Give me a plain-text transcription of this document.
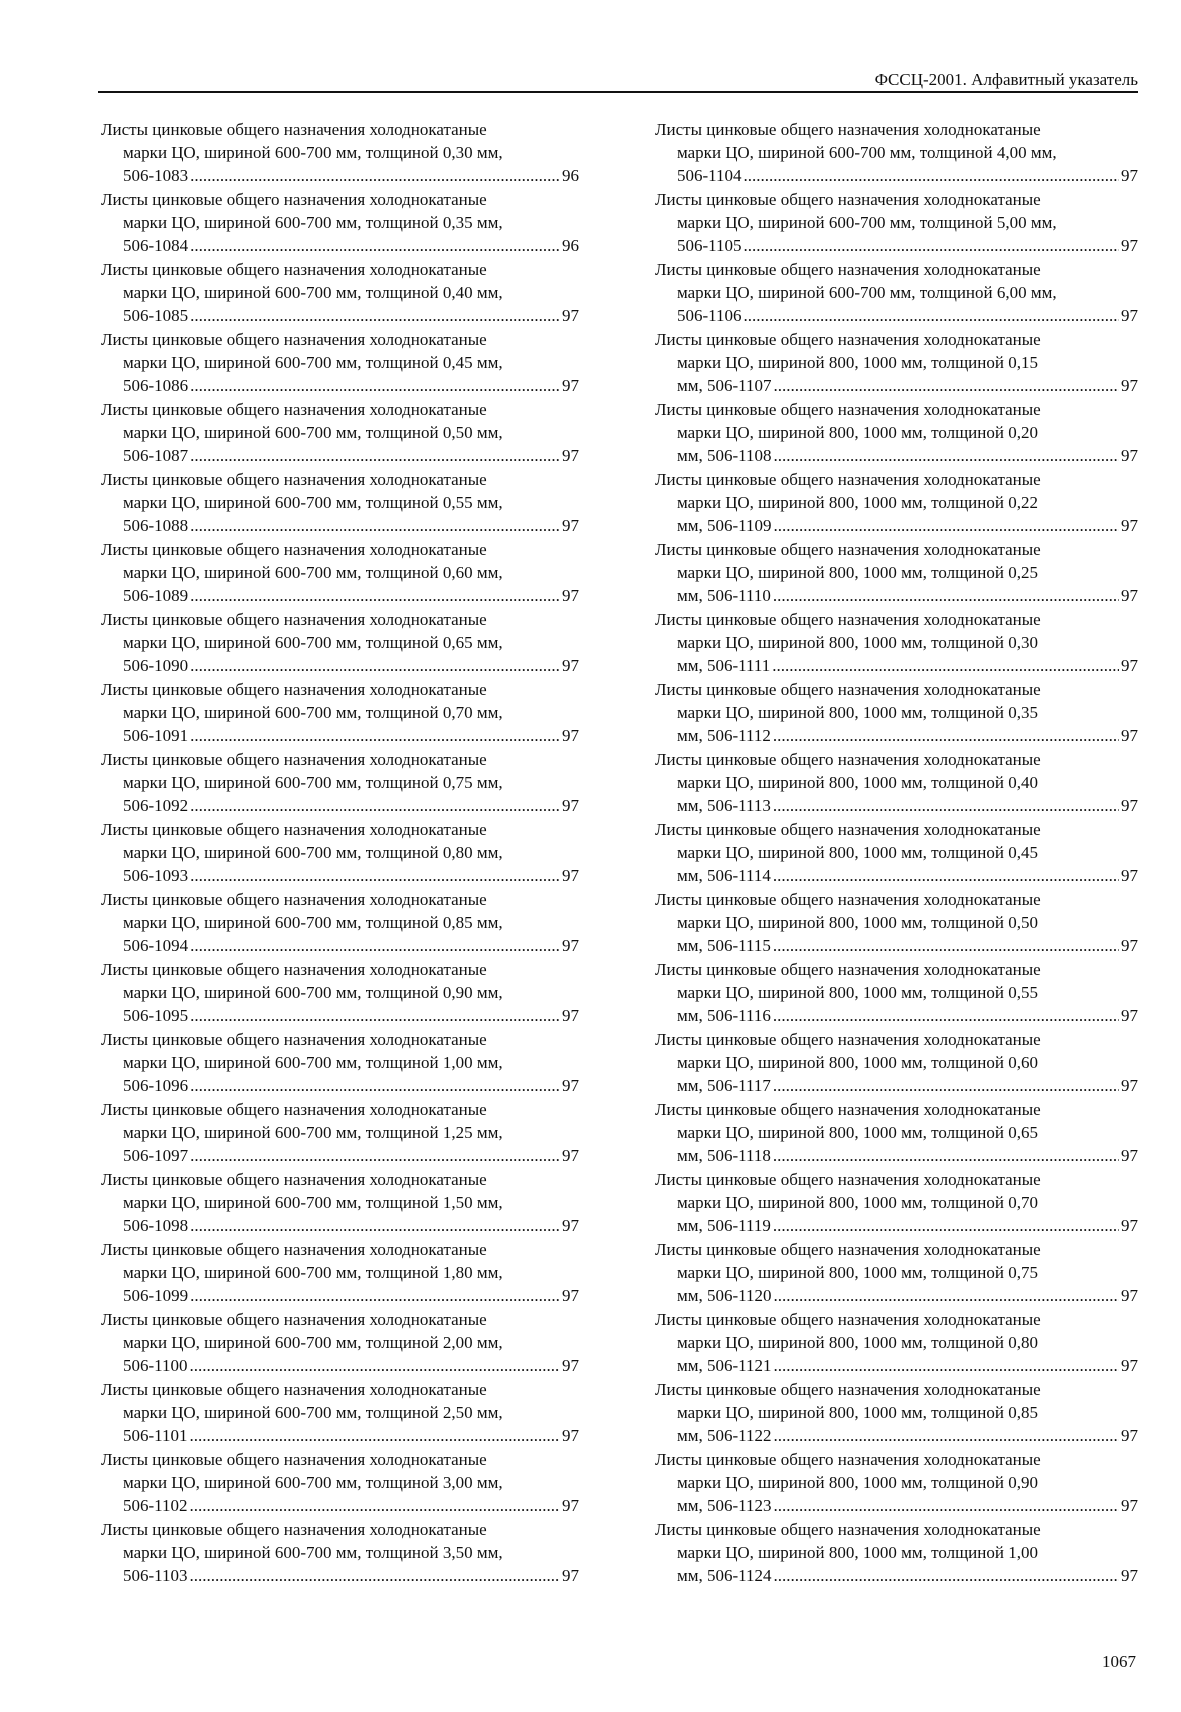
ФССЦ-2001. Алфавитный указатель
Листы цинковые общего назначения холоднокатаные
марки ЦО, шириной 600-700 мм, толщиной 0,30 мм,
506-1083 .....	96
Листы цинковые общего назначения холоднокатаные
марки ЦО, шириной 600-700 мм, толщиной 0,35 мм,
506-1084 .....	96
Листы цинковые общего назначения холоднокатаные
марки ЦО, шириной 600-700 мм, толщиной 0,40 мм,
506-1085 .....	97
Листы цинковые общего назначения холоднокатаные
марки ЦО, шириной 600-700 мм, толщиной 0,45 мм,
506-1086 .....	97
Листы цинковые общего назначения холоднокатаные
марки ЦО, шириной 600-700 мм, толщиной 0,50 мм,
506-1087 .....	97
Листы цинковые общего назначения холоднокатаные
марки ЦО, шириной 600-700 мм, толщиной 0,55 мм,
506-1088 .....	97
Листы цинковые общего назначения холоднокатаные
марки ЦО, шириной 600-700 мм, толщиной 0,60 мм,
506-1089 .....	97
Листы цинковые общего назначения холоднокатаные
марки ЦО, шириной 600-700 мм, толщиной 0,65 мм,
506-1090 .....	97
Листы цинковые общего назначения холоднокатаные
марки ЦО, шириной 600-700 мм, толщиной 0,70 мм,
506-1091 .....	97
Листы цинковые общего назначения холоднокатаные
марки ЦО, шириной 600-700 мм, толщиной 0,75 мм,
506-1092 .....	97
Листы цинковые общего назначения холоднокатаные
марки ЦО, шириной 600-700 мм, толщиной 0,80 мм,
506-1093 .....	97
Листы цинковые общего назначения холоднокатаные
марки ЦО, шириной 600-700 мм, толщиной 0,85 мм,
506-1094 .....	97
Листы цинковые общего назначения холоднокатаные
марки ЦО, шириной 600-700 мм, толщиной 0,90 мм,
506-1095 .....	97
Листы цинковые общего назначения холоднокатаные
марки ЦО, шириной 600-700 мм, толщиной 1,00 мм,
506-1096 .....	97
Листы цинковые общего назначения холоднокатаные
марки ЦО, шириной 600-700 мм, толщиной 1,25 мм,
506-1097 .....	97
Листы цинковые общего назначения холоднокатаные
марки ЦО, шириной 600-700 мм, толщиной 1,50 мм,
506-1098 .....	97
Листы цинковые общего назначения холоднокатаные
марки ЦО, шириной 600-700 мм, толщиной 1,80 мм,
506-1099 .....	97
Листы цинковые общего назначения холоднокатаные
марки ЦО, шириной 600-700 мм, толщиной 2,00 мм,
506-1100 .....	97
Листы цинковые общего назначения холоднокатаные
марки ЦО, шириной 600-700 мм, толщиной 2,50 мм,
506-1101 .....	97
Листы цинковые общего назначения холоднокатаные
марки ЦО, шириной 600-700 мм, толщиной 3,00 мм,
506-1102 .....	97
Листы цинковые общего назначения холоднокатаные
марки ЦО, шириной 600-700 мм, толщиной 3,50 мм,
506-1103 .....	97
Листы цинковые общего назначения холоднокатаные
марки ЦО, шириной 600-700 мм, толщиной 4,00 мм,
506-1104 .....	97
Листы цинковые общего назначения холоднокатаные
марки ЦО, шириной 600-700 мм, толщиной 5,00 мм,
506-1105 .....	97
Листы цинковые общего назначения холоднокатаные
марки ЦО, шириной 600-700 мм, толщиной 6,00 мм,
506-1106 .....	97
Листы цинковые общего назначения холоднокатаные
марки ЦО, шириной 800, 1000 мм, толщиной 0,15
мм, 506-1107 .....	97
Листы цинковые общего назначения холоднокатаные
марки ЦО, шириной 800, 1000 мм, толщиной 0,20
мм, 506-1108 .....	97
Листы цинковые общего назначения холоднокатаные
марки ЦО, шириной 800, 1000 мм, толщиной 0,22
мм, 506-1109 .....	97
Листы цинковые общего назначения холоднокатаные
марки ЦО, шириной 800, 1000 мм, толщиной 0,25
мм, 506-1110 .....	97
Листы цинковые общего назначения холоднокатаные
марки ЦО, шириной 800, 1000 мм, толщиной 0,30
мм, 506-1111 .....	97
Листы цинковые общего назначения холоднокатаные
марки ЦО, шириной 800, 1000 мм, толщиной 0,35
мм, 506-1112 .....	97
Листы цинковые общего назначения холоднокатаные
марки ЦО, шириной 800, 1000 мм, толщиной 0,40
мм, 506-1113 .....	97
Листы цинковые общего назначения холоднокатаные
марки ЦО, шириной 800, 1000 мм, толщиной 0,45
мм, 506-1114 .....	97
Листы цинковые общего назначения холоднокатаные
марки ЦО, шириной 800, 1000 мм, толщиной 0,50
мм, 506-1115 .....	97
Листы цинковые общего назначения холоднокатаные
марки ЦО, шириной 800, 1000 мм, толщиной 0,55
мм, 506-1116 .....	97
Листы цинковые общего назначения холоднокатаные
марки ЦО, шириной 800, 1000 мм, толщиной 0,60
мм, 506-1117 .....	97
Листы цинковые общего назначения холоднокатаные
марки ЦО, шириной 800, 1000 мм, толщиной 0,65
мм, 506-1118 .....	97
Листы цинковые общего назначения холоднокатаные
марки ЦО, шириной 800, 1000 мм, толщиной 0,70
мм, 506-1119 .....	97
Листы цинковые общего назначения холоднокатаные
марки ЦО, шириной 800, 1000 мм, толщиной 0,75
мм, 506-1120 .....	97
Листы цинковые общего назначения холоднокатаные
марки ЦО, шириной 800, 1000 мм, толщиной 0,80
мм, 506-1121 .....	97
Листы цинковые общего назначения холоднокатаные
марки ЦО, шириной 800, 1000 мм, толщиной 0,85
мм, 506-1122 .....	97
Листы цинковые общего назначения холоднокатаные
марки ЦО, шириной 800, 1000 мм, толщиной 0,90
мм, 506-1123 .....	97
Листы цинковые общего назначения холоднокатаные
марки ЦО, шириной 800, 1000 мм, толщиной 1,00
мм, 506-1124 .....	97
1067
